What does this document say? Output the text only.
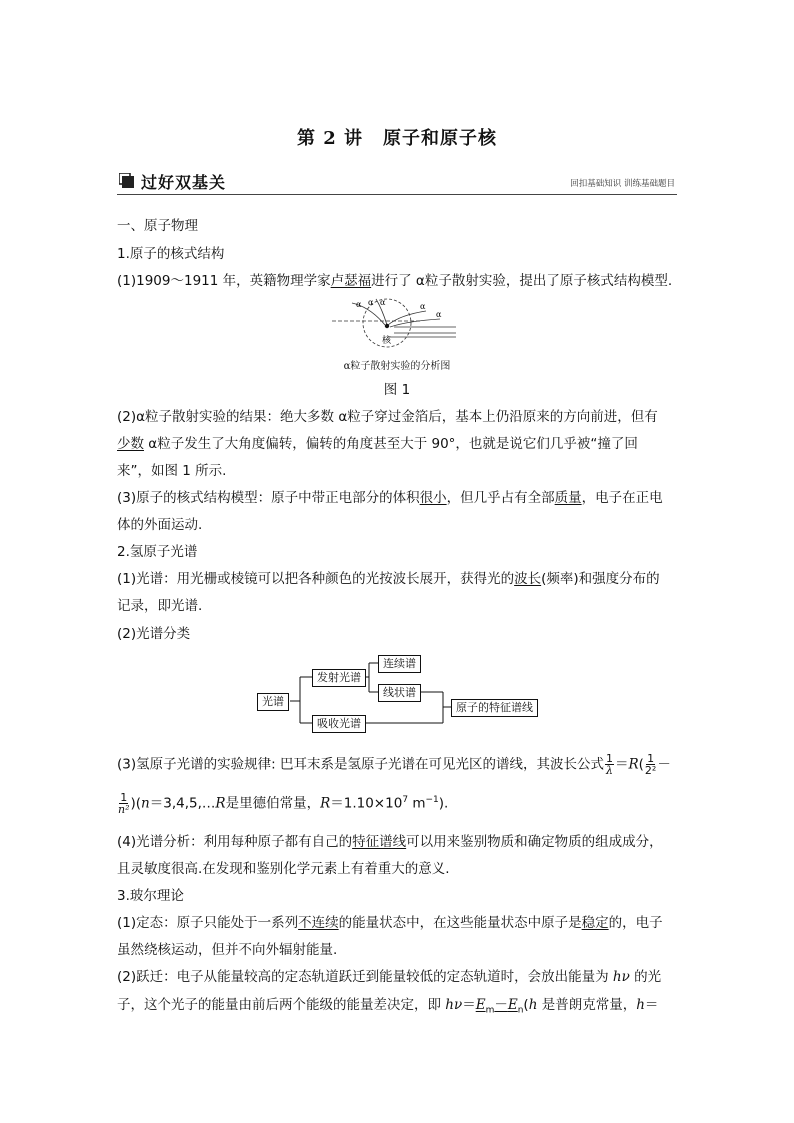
第 2 讲 原子和原子核
过好双基关	回扣基础知识 训练基础题目
一、原子物理
1.原子的核式结构
(1)1909～1911 年，英籍物理学家卢瑟福进行了 α粒子散射实验，提出了原子核式结构模型.
α α α	α
α
核
α粒子散射实验的分析图
图 1
(2)α粒子散射实验的结果：绝大多数 α粒子穿过金箔后，基本上仍沿原来的方向前进，但有
少数 α粒子发生了大角度偏转，偏转的角度甚至大于 90°，也就是说它们几乎被“撞了回
来”，如图 1 所示.
(3)原子的核式结构模型：原子中带正电部分的体积很小，但几乎占有全部质量，电子在正电
体的外面运动.
2.氢原子光谱
(1)光谱：用光栅或棱镜可以把各种颜色的光按波长展开，获得光的波长(频率)和强度分布的
记录，即光谱.
(2)光谱分类
光谱
发射光谱
吸收光谱
连续谱
线状谱
原子的特征谱线
(3)氢原子光谱的实验规律: 巴耳末系是氢原子光谱在可见光区的谱线，其波长公式 $\frac{1}{\lambda} =R( \frac{1}{\text{2²}}$ －
$\frac{1}{\text{n²}}$ )(n＝3,4,5,…R是里德伯常量，$R=1.10\times 10^7$ $m^{-1}$).
(4)光谱分析：利用每种原子都有自己的特征谱线可以用来鉴别物质和确定物质的组成成分，
且灵敏度很高.在发现和鉴别化学元素上有着重大的意义.
3.玻尔理论
(1)定态：原子只能处于一系列不连续的能量状态中，在这些能量状态中原子是稳定的，电子
虽然绕核运动，但并不向外辐射能量.
(2)跃迁：电子从能量较高的定态轨道跃迁到能量较低的定态轨道时，会放出能量为 hν 的光
子，这个光子的能量由前后两个能级的能量差决定，即 $h\nu=E_m-E_n(h$ 是普朗克常量，h＝
